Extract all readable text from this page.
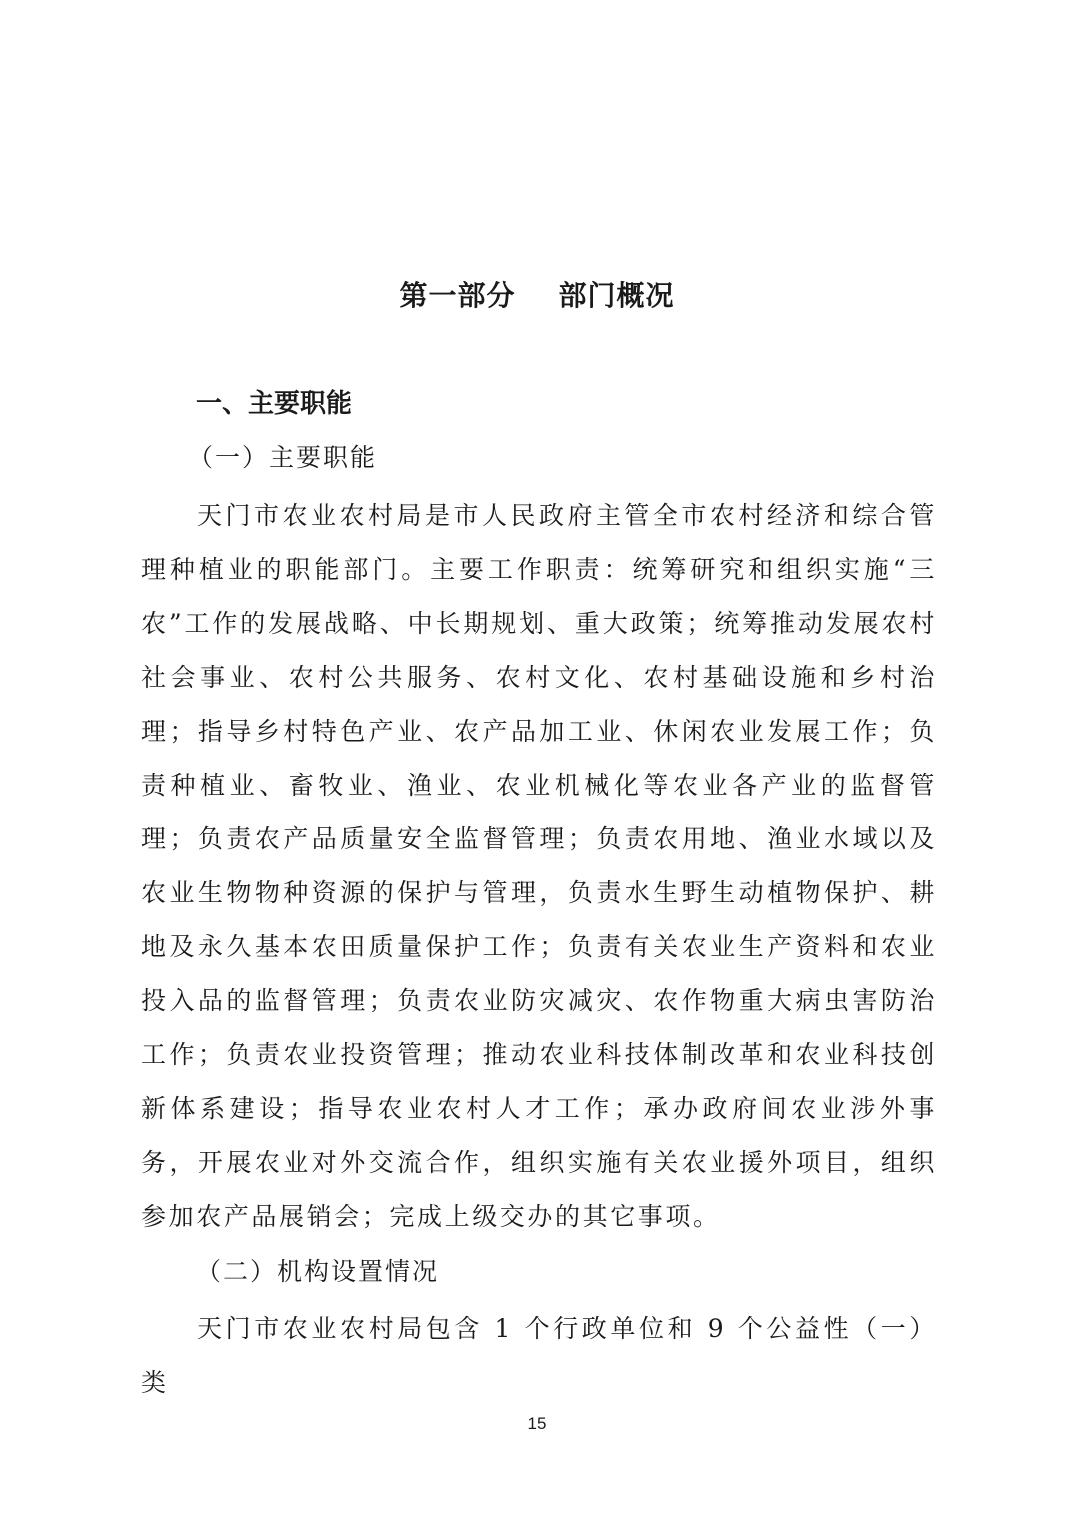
第一部分    部门概况
一、主要职能
（一）主要职能

天门市农业农村局是市人民政府主管全市农村经济和综合管理种植业的职能部门。主要工作职责：统筹研究和组织实施“三农”工作的发展战略、中长期规划、重大政策；统筹推动发展农村社会事业、农村公共服务、农村文化、农村基础设施和乡村治理；指导乡村特色产业、农产品加工业、休闲农业发展工作；负责种植业、畜牧业、渔业、农业机械化等农业各产业的监督管理；负责农产品质量安全监督管理；负责农用地、渔业水域以及农业生物物种资源的保护与管理，负责水生野生动植物保护、耕地及永久基本农田质量保护工作；负责有关农业生产资料和农业投入品的监督管理；负责农业防灾减灾、农作物重大病虫害防治工作；负责农业投资管理；推动农业科技体制改革和农业科技创新体系建设；指导农业农村人才工作；承办政府间农业涉外事务，开展农业对外交流合作，组织实施有关农业援外项目，组织参加农产品展销会；完成上级交办的其它事项。

（二）机构设置情况

天门市农业农村局包含 1 个行政单位和 9 个公益性（一）类

15
